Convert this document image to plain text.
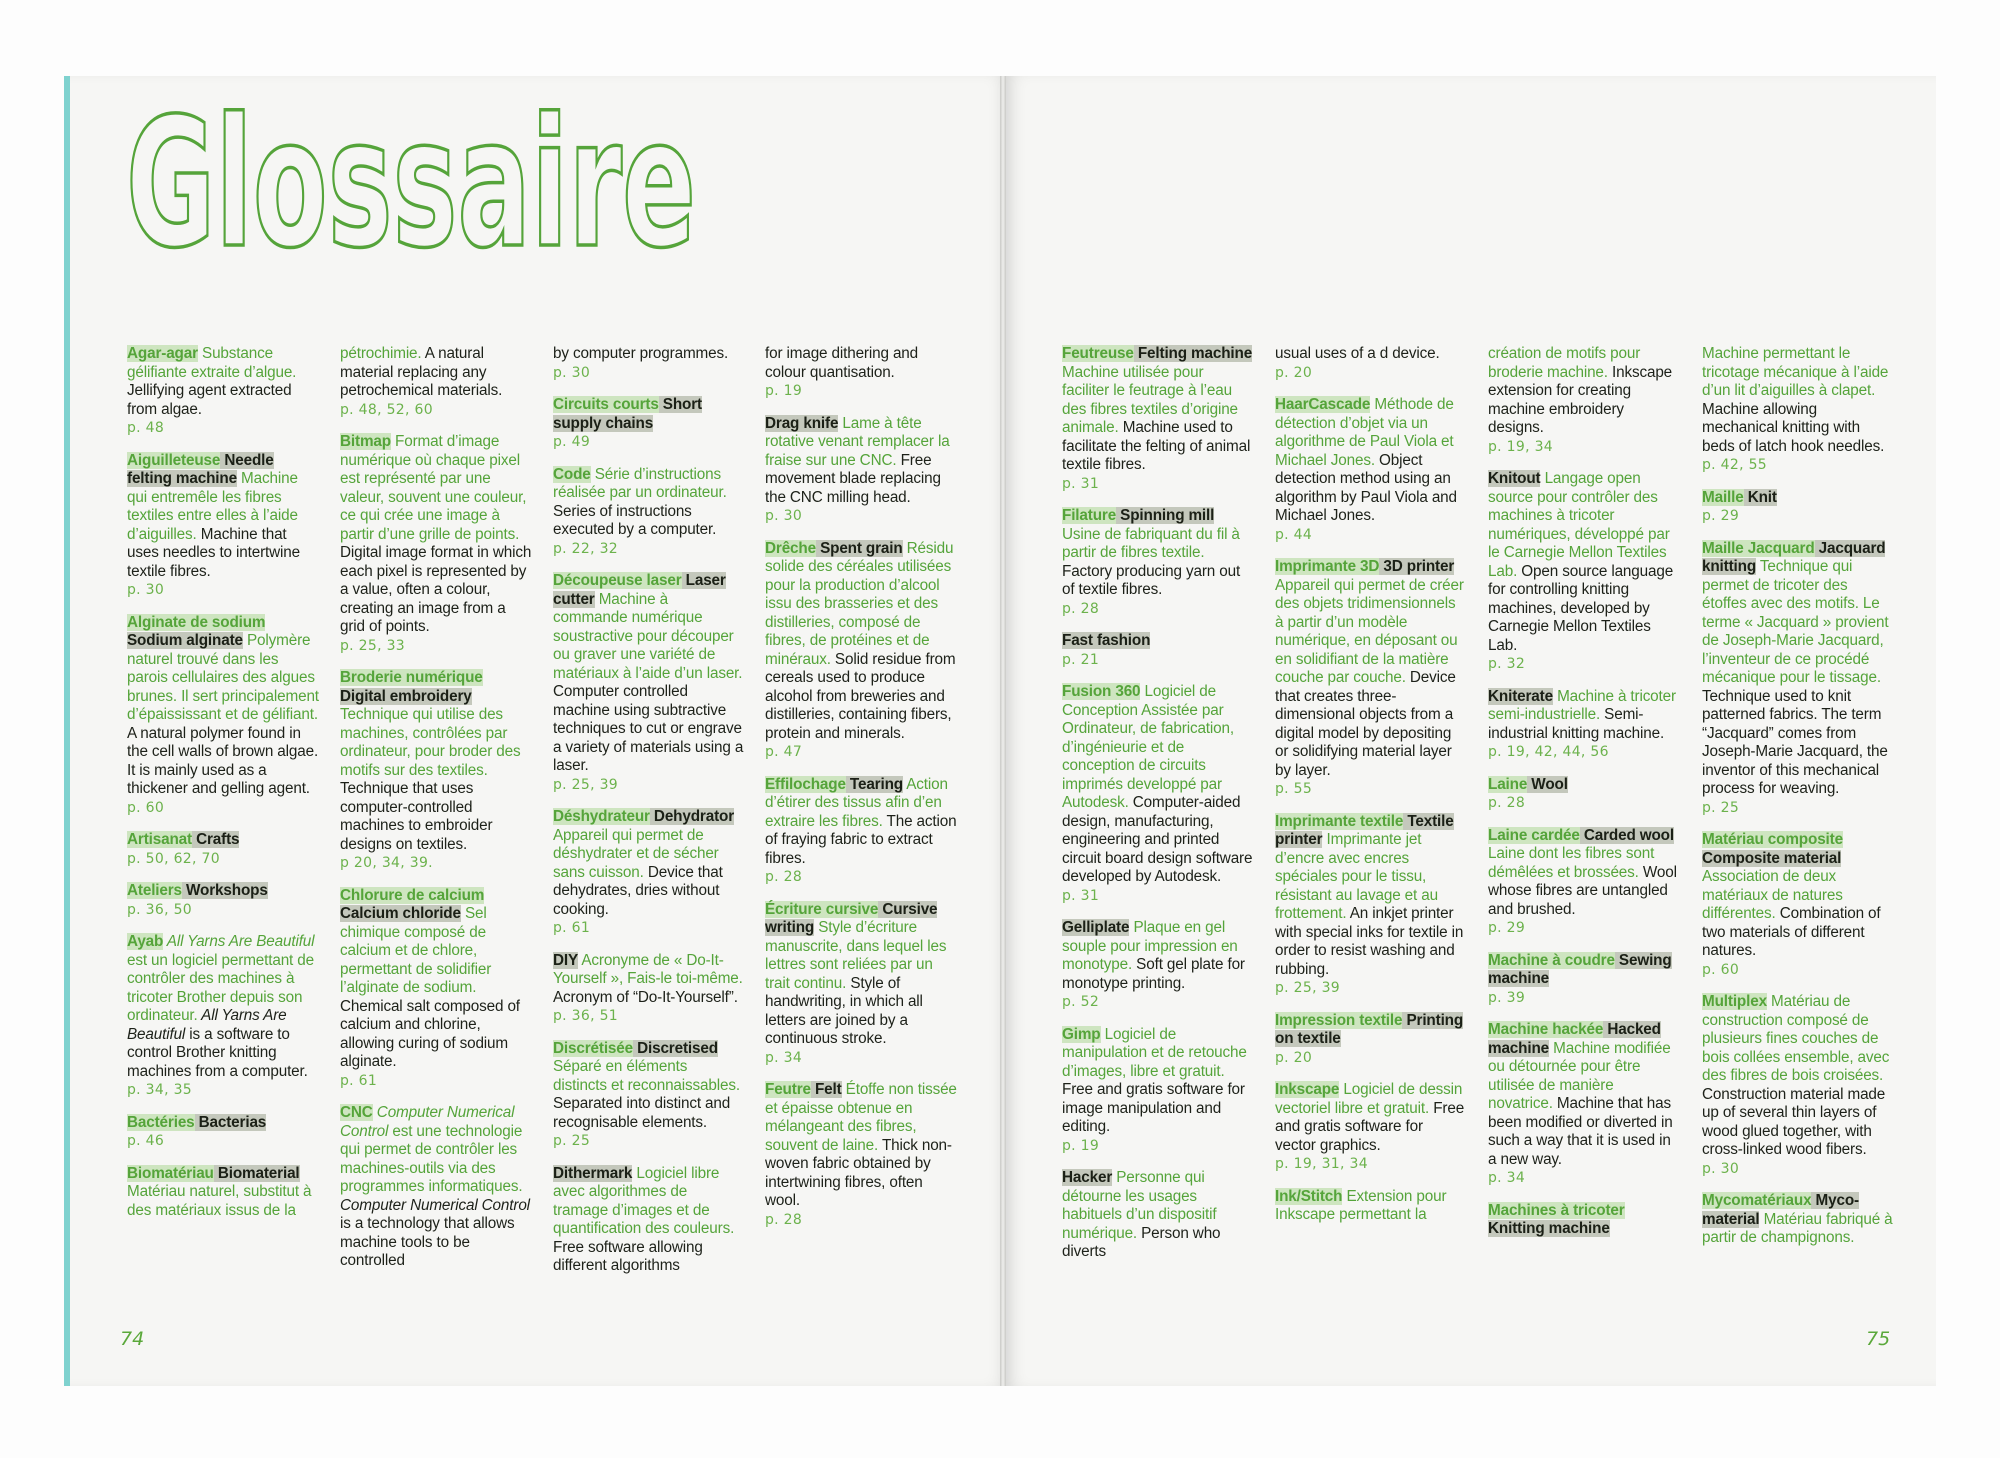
Glossaire
Agar-agar Substance gélifiante extraite d’algue. Jellifying agent extracted from algae.
p. 48
Aiguilleteuse Needle felting machine Machine qui entremêle les fibres textiles entre elles à l’aide d’aiguilles. Machine that uses needles to intertwine textile fibres.
p. 30
Alginate de sodium Sodium alginate Polymère naturel trouvé dans les parois cellulaires des algues brunes. Il sert principalement d’épaississant et de gélifiant. A natural polymer found in the cell walls of brown algae. It is mainly used as a thickener and gelling agent.
p. 60
Artisanat Crafts
p. 50, 62, 70
Ateliers Workshops
p. 36, 50
Ayab All Yarns Are Beautiful est un logiciel permettant de contrôler des machines à tricoter Brother depuis son ordinateur. All Yarns Are Beautiful is a software to control Brother knitting machines from a computer.
p. 34, 35
Bactéries Bacterias
p. 46
Biomatériau Biomaterial Matériau naturel, substitut à des matériaux issus de la
pétrochimie. A natural material replacing any petrochemical materials.
p. 48, 52, 60
Bitmap Format d’image numérique où chaque pixel est représenté par une valeur, souvent une couleur, ce qui crée une image à partir d’une grille de points. Digital image format in which each pixel is represented by a value, often a colour, creating an image from a grid of points.
p. 25, 33
Broderie numérique Digital embroidery Technique qui utilise des machines, contrôlées par ordinateur, pour broder des motifs sur des textiles. Technique that uses computer-controlled machines to embroider designs on textiles.
p 20, 34, 39.
Chlorure de calcium Calcium chloride Sel chimique composé de calcium et de chlore, permettant de solidifier l’alginate de sodium. Chemical salt composed of calcium and chlorine, allowing curing of sodium alginate.
p. 61
CNC Computer Numerical Control est une technologie qui permet de contrôler les machines-outils via des programmes informatiques. Computer Numerical Control is a technology that allows machine tools to be controlled
by computer programmes.
p. 30
Circuits courts Short supply chains
p. 49
Code Série d’instructions réalisée par un ordinateur. Series of instructions executed by a computer.
p. 22, 32
Découpeuse laser Laser cutter Machine à commande numérique soustractive pour découper ou graver une variété de matériaux à l’aide d’un laser. Computer controlled machine using subtractive techniques to cut or engrave a variety of materials using a laser.
p. 25, 39
Déshydrateur Dehydrator Appareil qui permet de déshydrater et de sécher sans cuisson. Device that dehydrates, dries without cooking.
p. 61
DIY Acronyme de « Do-It-Yourself », Fais-le toi-même. Acronym of “Do-It-Yourself”.
p. 36, 51
Discrétisée Discretised Séparé en éléments distincts et reconnaissables. Separated into distinct and recognisable elements.
p. 25
Dithermark Logiciel libre avec algorithmes de tramage d’images et de quantification des couleurs. Free software allowing different algorithms
for image dithering and colour quantisation.
p. 19
Drag knife Lame à tête rotative venant remplacer la fraise sur une CNC. Free movement blade replacing the CNC milling head.
p. 30
Drêche Spent grain Résidu solide des céréales utilisées pour la production d’alcool issu des brasseries et des distilleries, composé de fibres, de protéines et de minéraux. Solid residue from cereals used to produce alcohol from breweries and distilleries, containing fibers, protein and minerals.
p. 47
Effilochage Tearing Action d’étirer des tissus afin d’en extraire les fibres. The action of fraying fabric to extract fibres.
p. 28
Écriture cursive Cursive writing Style d’écriture manuscrite, dans lequel les lettres sont reliées par un trait continu. Style of handwriting, in which all letters are joined by a continuous stroke.
p. 34
Feutre Felt Étoffe non tissée et épaisse obtenue en mélangeant des fibres, souvent de laine. Thick non-woven fabric obtained by intertwining fibres, often wool.
p. 28
Feutreuse Felting machine Machine utilisée pour faciliter le feutrage à l’eau des fibres textiles d’origine animale. Machine used to facilitate the felting of animal textile fibres.
p. 31
Filature Spinning mill Usine de fabriquant du fil à partir de fibres textile. Factory producing yarn out of textile fibres.
p. 28
Fast fashion
p. 21
Fusion 360 Logiciel de Conception Assistée par Ordinateur, de fabrication, d’ingénieurie et de conception de circuits imprimés developpé par Autodesk. Computer-aided design, manufacturing, engineering and printed circuit board design software developed by Autodesk.
p. 31
Gelliplate Plaque en gel souple pour impression en monotype. Soft gel plate for monotype printing.
p. 52
Gimp Logiciel de manipulation et de retouche d’images, libre et gratuit. Free and gratis software for image manipulation and editing.
p. 19
Hacker Personne qui détourne les usages habituels d’un dispositif numérique. Person who diverts
usual uses of a d device.
p. 20
HaarCascade Méthode de détection d’objet via un algorithme de Paul Viola et Michael Jones. Object detection method using an algorithm by Paul Viola and Michael Jones.
p. 44
Imprimante 3D 3D printer Appareil qui permet de créer des objets tridimensionnels à partir d’un modèle numérique, en déposant ou en solidifiant de la matière couche par couche. Device that creates three-dimensional objects from a digital model by depositing or solidifying material layer by layer.
p. 55
Imprimante textile Textile printer Imprimante jet d’encre avec encres spéciales pour le tissu, résistant au lavage et au frottement. An inkjet printer with special inks for textile in order to resist washing and rubbing.
p. 25, 39
Impression textile Printing on textile
p. 20
Inkscape Logiciel de dessin vectoriel libre et gratuit. Free and gratis software for vector graphics.
p. 19, 31, 34
Ink/Stitch Extension pour Inkscape permettant la
création de motifs pour broderie machine. Inkscape extension for creating machine embroidery designs.
p. 19, 34
Knitout Langage open source pour contrôler des machines à tricoter numériques, développé par le Carnegie Mellon Textiles Lab. Open source language for controlling knitting machines, developed by Carnegie Mellon Textiles Lab.
p. 32
Kniterate Machine à tricoter semi-industrielle. Semi-industrial knitting machine.
p. 19, 42, 44, 56
Laine Wool
p. 28
Laine cardée Carded wool Laine dont les fibres sont démêlées et brossées. Wool whose fibres are untangled and brushed.
p. 29
Machine à coudre Sewing machine
p. 39
Machine hackée Hacked machine Machine modifiée ou détournée pour être utilisée de manière novatrice. Machine that has been modified or diverted in such a way that it is used in a new way.
p. 34
Machines à tricoter Knitting machine
Machine permettant le tricotage mécanique à l’aide d’un lit d’aiguilles à clapet. Machine allowing mechanical knitting with beds of latch hook needles.
p. 42, 55
Maille Knit
p. 29
Maille Jacquard Jacquard knitting Technique qui permet de tricoter des étoffes avec des motifs. Le terme « Jacquard » provient de Joseph-Marie Jacquard, l’inventeur de ce procédé mécanique pour le tissage. Technique used to knit patterned fabrics. The term “Jacquard” comes from Joseph-Marie Jacquard, the inventor of this mechanical process for weaving.
p. 25
Matériau composite Composite material Association de deux matériaux de natures différentes. Combination of two materials of different natures.
p. 60
Multiplex Matériau de construction composé de plusieurs fines couches de bois collées ensemble, avec des fibres de bois croisées. Construction material made up of several thin layers of wood glued together, with cross-linked wood fibers.
p. 30
Mycomatériaux Myco-material Matériau fabriqué à partir de champignons.
74	75
